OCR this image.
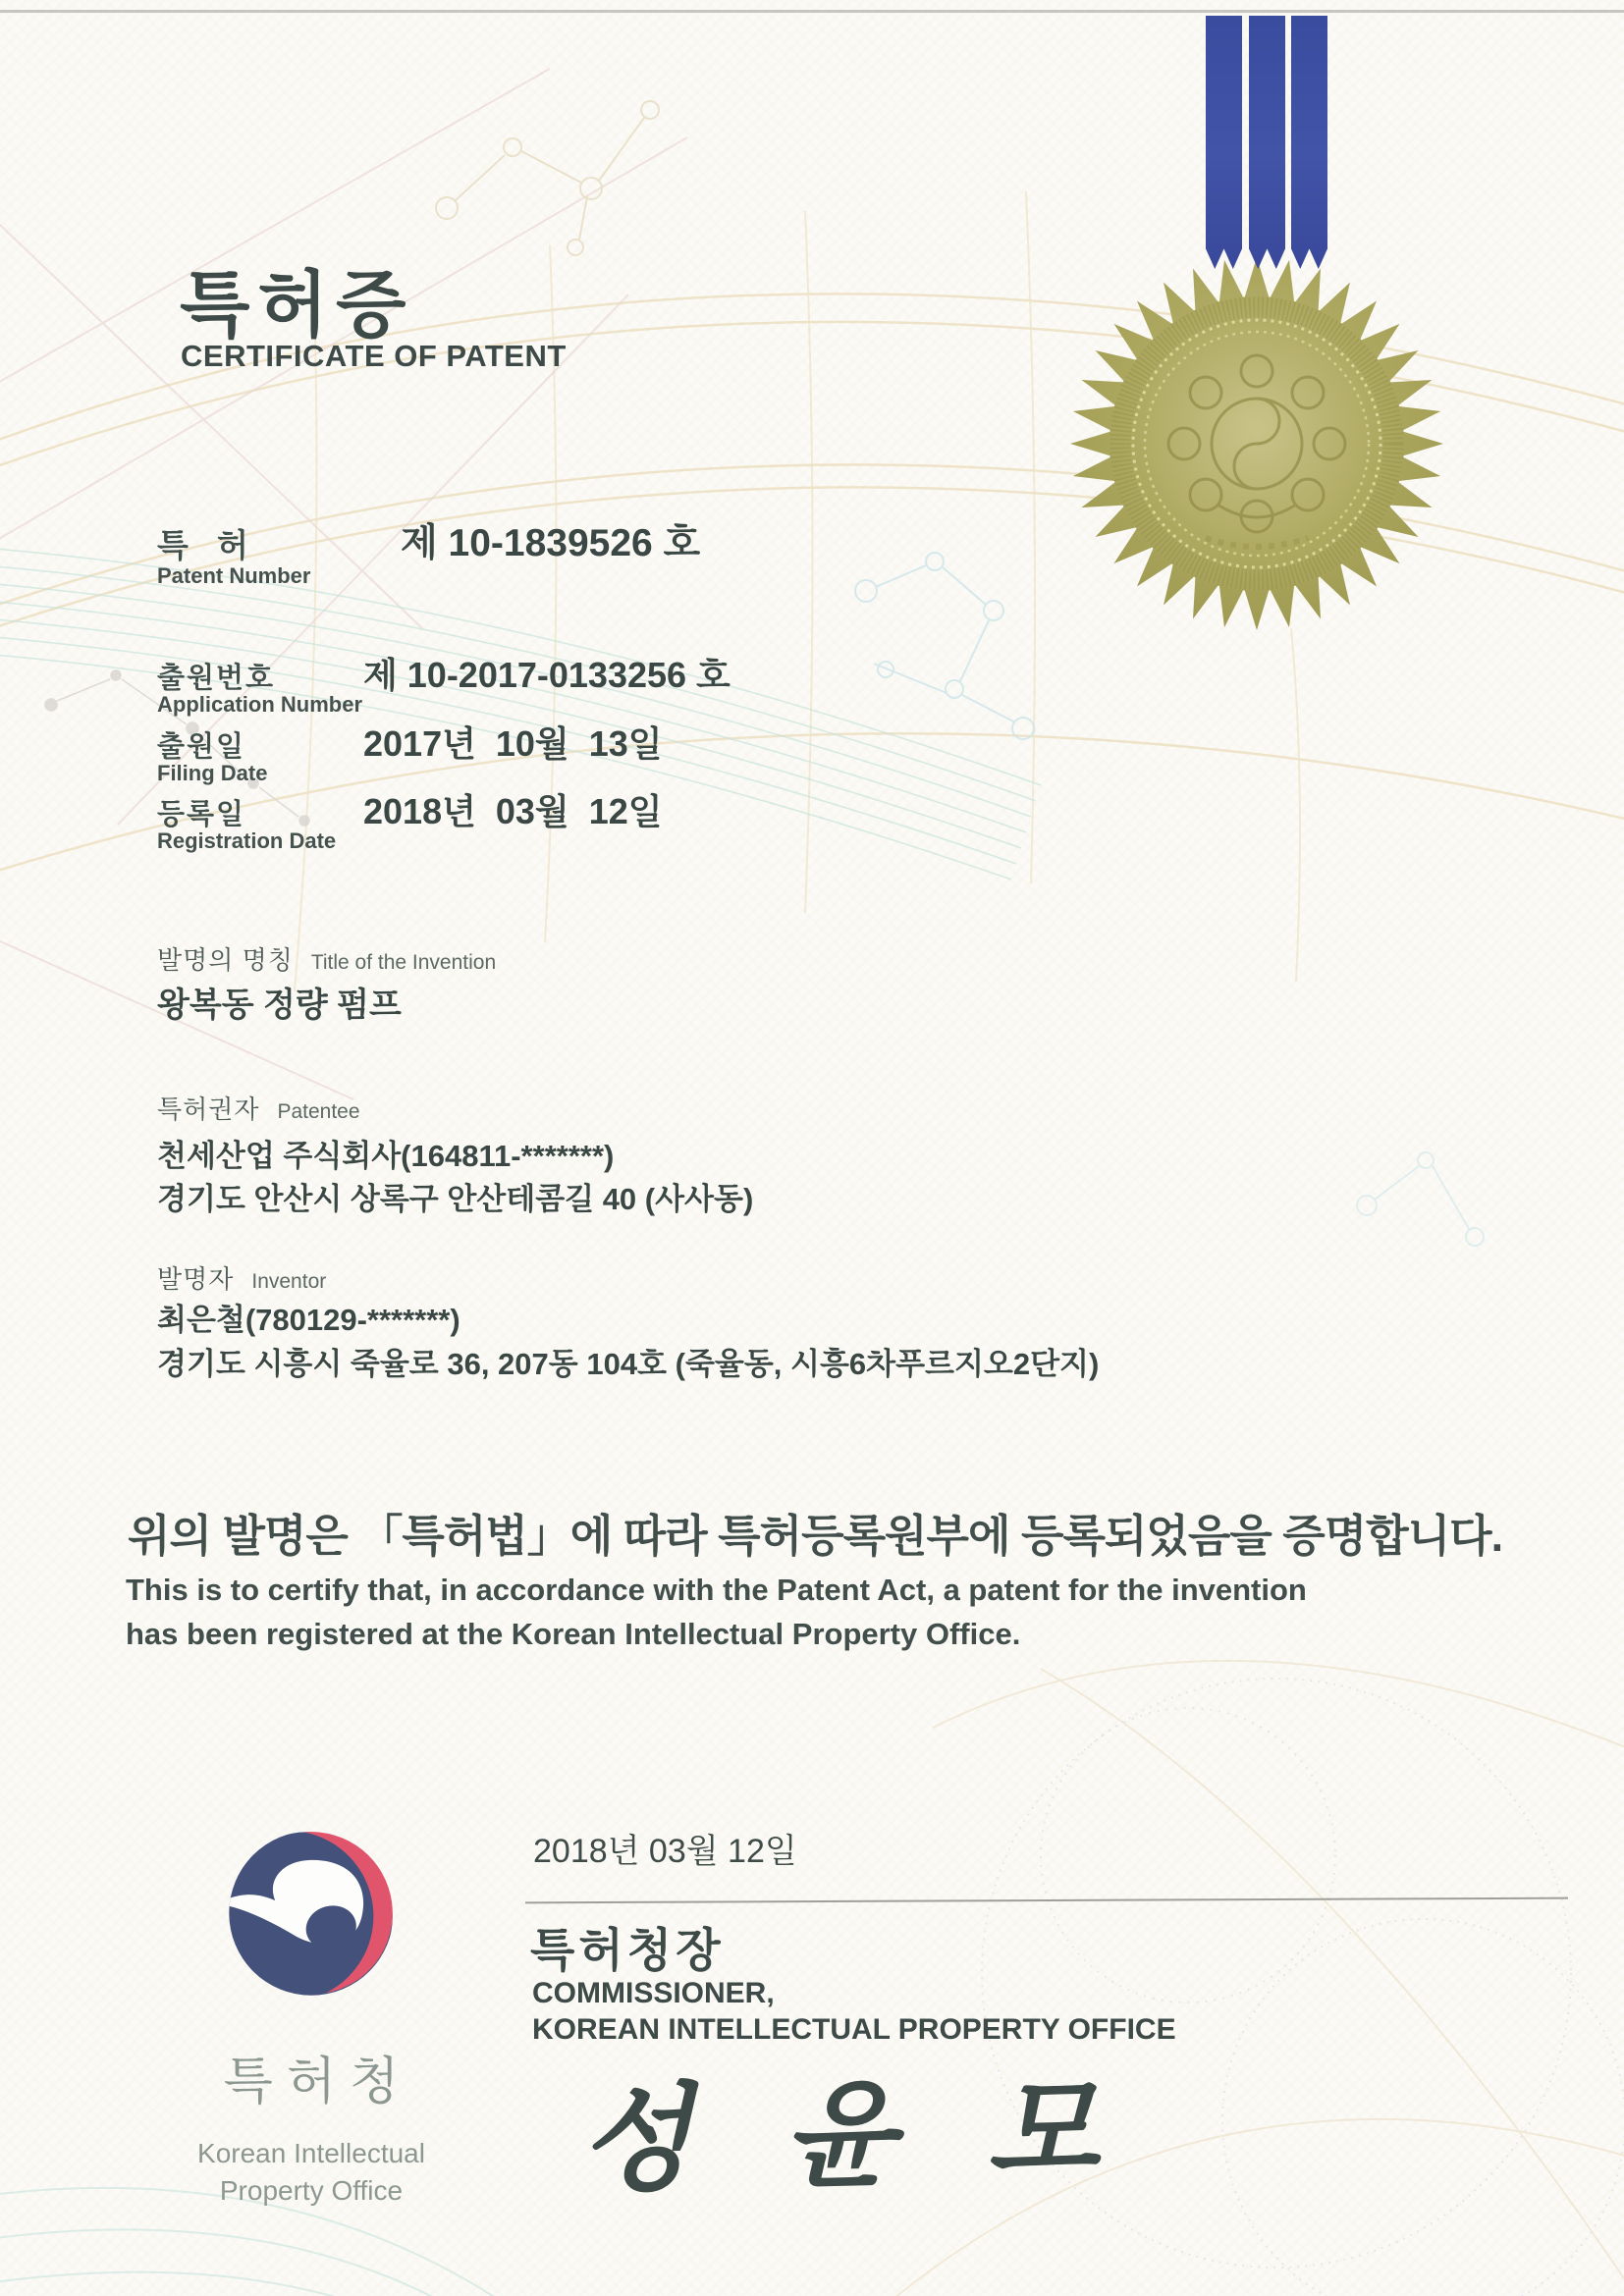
특허증
CERTIFICATE OF PATENT
특 허
Patent Number
제 10-1839526 호
출원번호
Application Number
제 10-2017-0133256 호
출원일
Filing Date
2017년  10월  13일
등록일
Registration Date
2018년  03월  12일
발명의 명칭 Title of the Invention
왕복동 정량 펌프
특허권자 Patentee
천세산업 주식회사(164811-*******)
경기도 안산시 상록구 안산테콤길 40 (사사동)
발명자 Inventor
최은철(780129-*******)
경기도 시흥시 죽율로 36, 207동 104호 (죽율동, 시흥6차푸르지오2단지)
위의 발명은 「특허법」에 따라 특허등록원부에 등록되었음을 증명합니다.
This is to certify that, in accordance with the Patent Act, a patent for the invention
has been registered at the Korean Intellectual Property Office.
2018년 03월 12일
특허청장
COMMISSIONER,
KOREAN INTELLECTUAL PROPERTY OFFICE
성 윤 모
특허청
Korean Intellectual
Property Office
